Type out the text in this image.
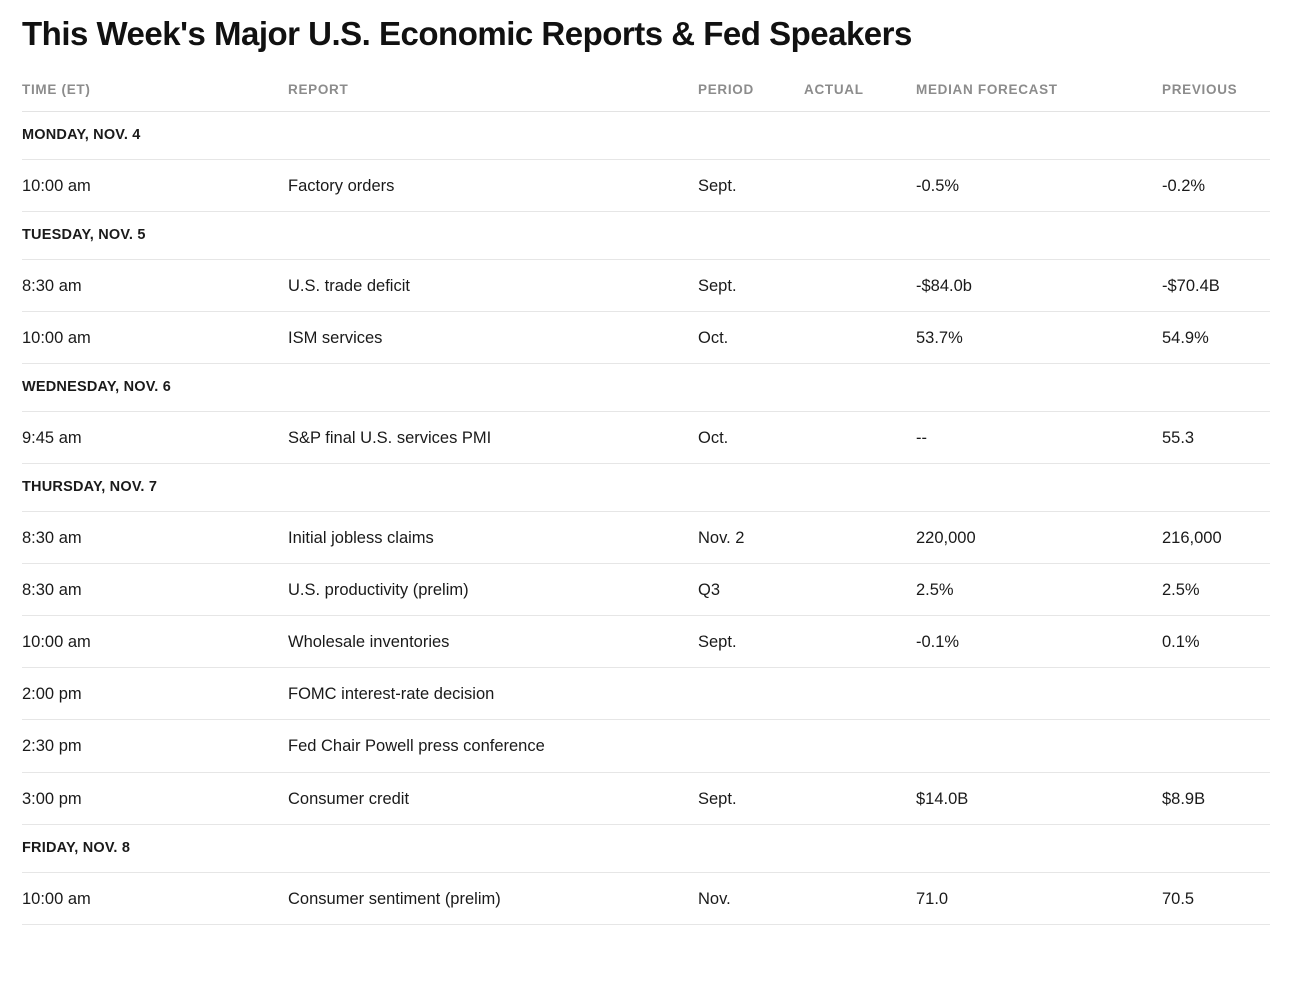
This Week's Major U.S. Economic Reports & Fed Speakers
TIME (ET)	REPORT	PERIOD	ACTUAL	MEDIAN FORECAST	PREVIOUS
MONDAY, NOV. 4					
10:00 am	Factory orders	Sept.		-0.5%	-0.2%
TUESDAY, NOV. 5					
8:30 am	U.S. trade deficit	Sept.		-$84.0b	-$70.4B
10:00 am	ISM services	Oct.		53.7%	54.9%
WEDNESDAY, NOV. 6					
9:45 am	S&P final U.S. services PMI	Oct.		--	55.3
THURSDAY, NOV. 7					
8:30 am	Initial jobless claims	Nov. 2		220,000	216,000
8:30 am	U.S. productivity (prelim)	Q3		2.5%	2.5%
10:00 am	Wholesale inventories	Sept.		-0.1%	0.1%
2:00 pm	FOMC interest-rate decision				
2:30 pm	Fed Chair Powell press conference				
3:00 pm	Consumer credit	Sept.		$14.0B	$8.9B
FRIDAY, NOV. 8					
10:00 am	Consumer sentiment (prelim)	Nov.		71.0	70.5
